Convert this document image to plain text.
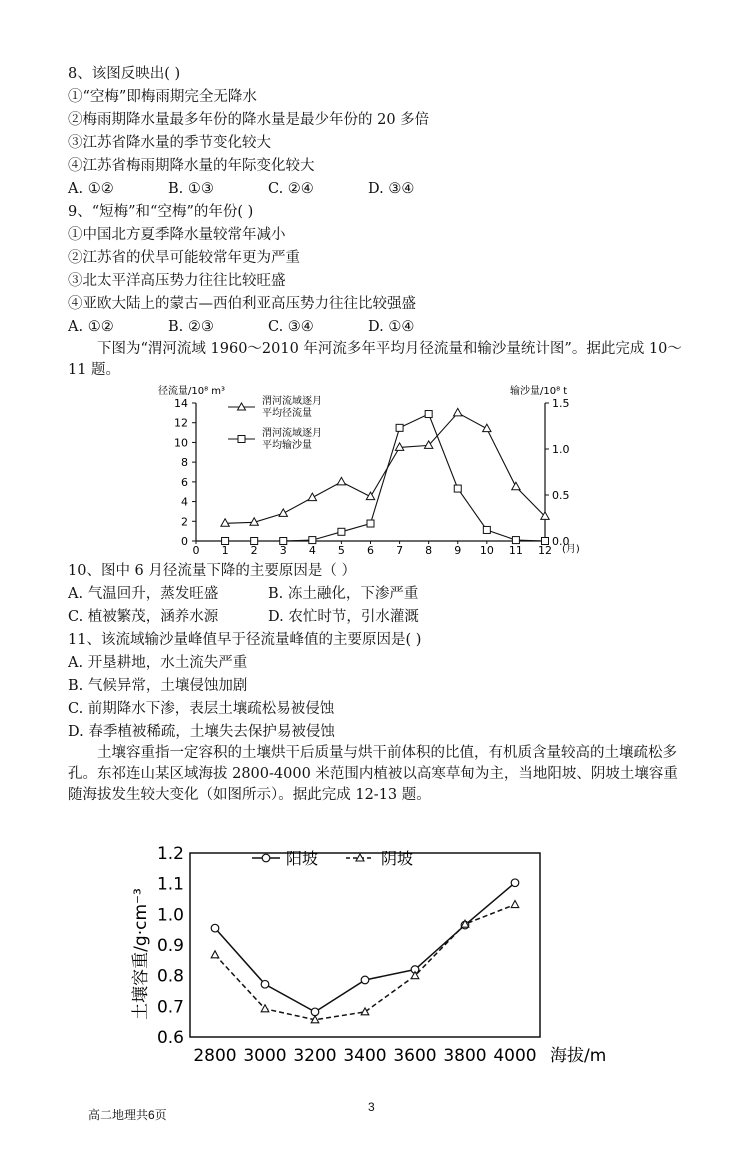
8、该图反映出( )
①“空梅”即梅雨期完全无降水
②梅雨期降水量最多年份的降水量是最少年份的 20 多倍
③江苏省降水量的季节变化较大
④江苏省梅雨期降水量的年际变化较大
A. ①②	B. ①③	C. ②④	D. ③④
9、“短梅”和“空梅”的年份( )
①中国北方夏季降水量较常年减小
②江苏省的伏旱可能较常年更为严重
③北太平洋高压势力往往比较旺盛
④亚欧大陆上的蒙古—西伯利亚高压势力往往比较强盛
A. ①②	B. ②③	C. ③④	D. ①④
下图为“渭河流域 1960～2010 年河流多年平均月径流量和输沙量统计图”。据此完成 10～11 题。
0
2
4
6
8
10
12
14
0.0
0.5
1.0
1.5
0 1 2 3 4 5 6 7 8 9 10 11 12
径流量/10⁸ m³	输沙量/10⁸ t
(月)
渭河流域逐月
平均径流量
渭河流域逐月
平均输沙量
10、图中 6 月径流量下降的主要原因是（ ）
A. 气温回升，蒸发旺盛	B. 冻土融化，下渗严重
C. 植被繁茂，涵养水源	D. 农忙时节，引水灌溉
11、该流域输沙量峰值早于径流量峰值的主要原因是( )
A. 开垦耕地，水土流失严重
B. 气候异常，土壤侵蚀加剧
C. 前期降水下渗，表层土壤疏松易被侵蚀
D. 春季植被稀疏，土壤失去保护易被侵蚀
土壤容重指一定容积的土壤烘干后质量与烘干前体积的比值，有机质含量较高的土壤疏松多孔。东祁连山某区域海拔 2800-4000 米范围内植被以高寒草甸为主，当地阳坡、阴坡土壤容重随海拔发生较大变化（如图所示）。据此完成 12-13 题。
1.2
1.1
1.0
0.9
0.8
0.7
0.6
2800 3000 3200 3400 3600 3800 4000
土壤容重/g·cm⁻³
海拔/m
阳坡	阴坡
高二地理共6页
3
